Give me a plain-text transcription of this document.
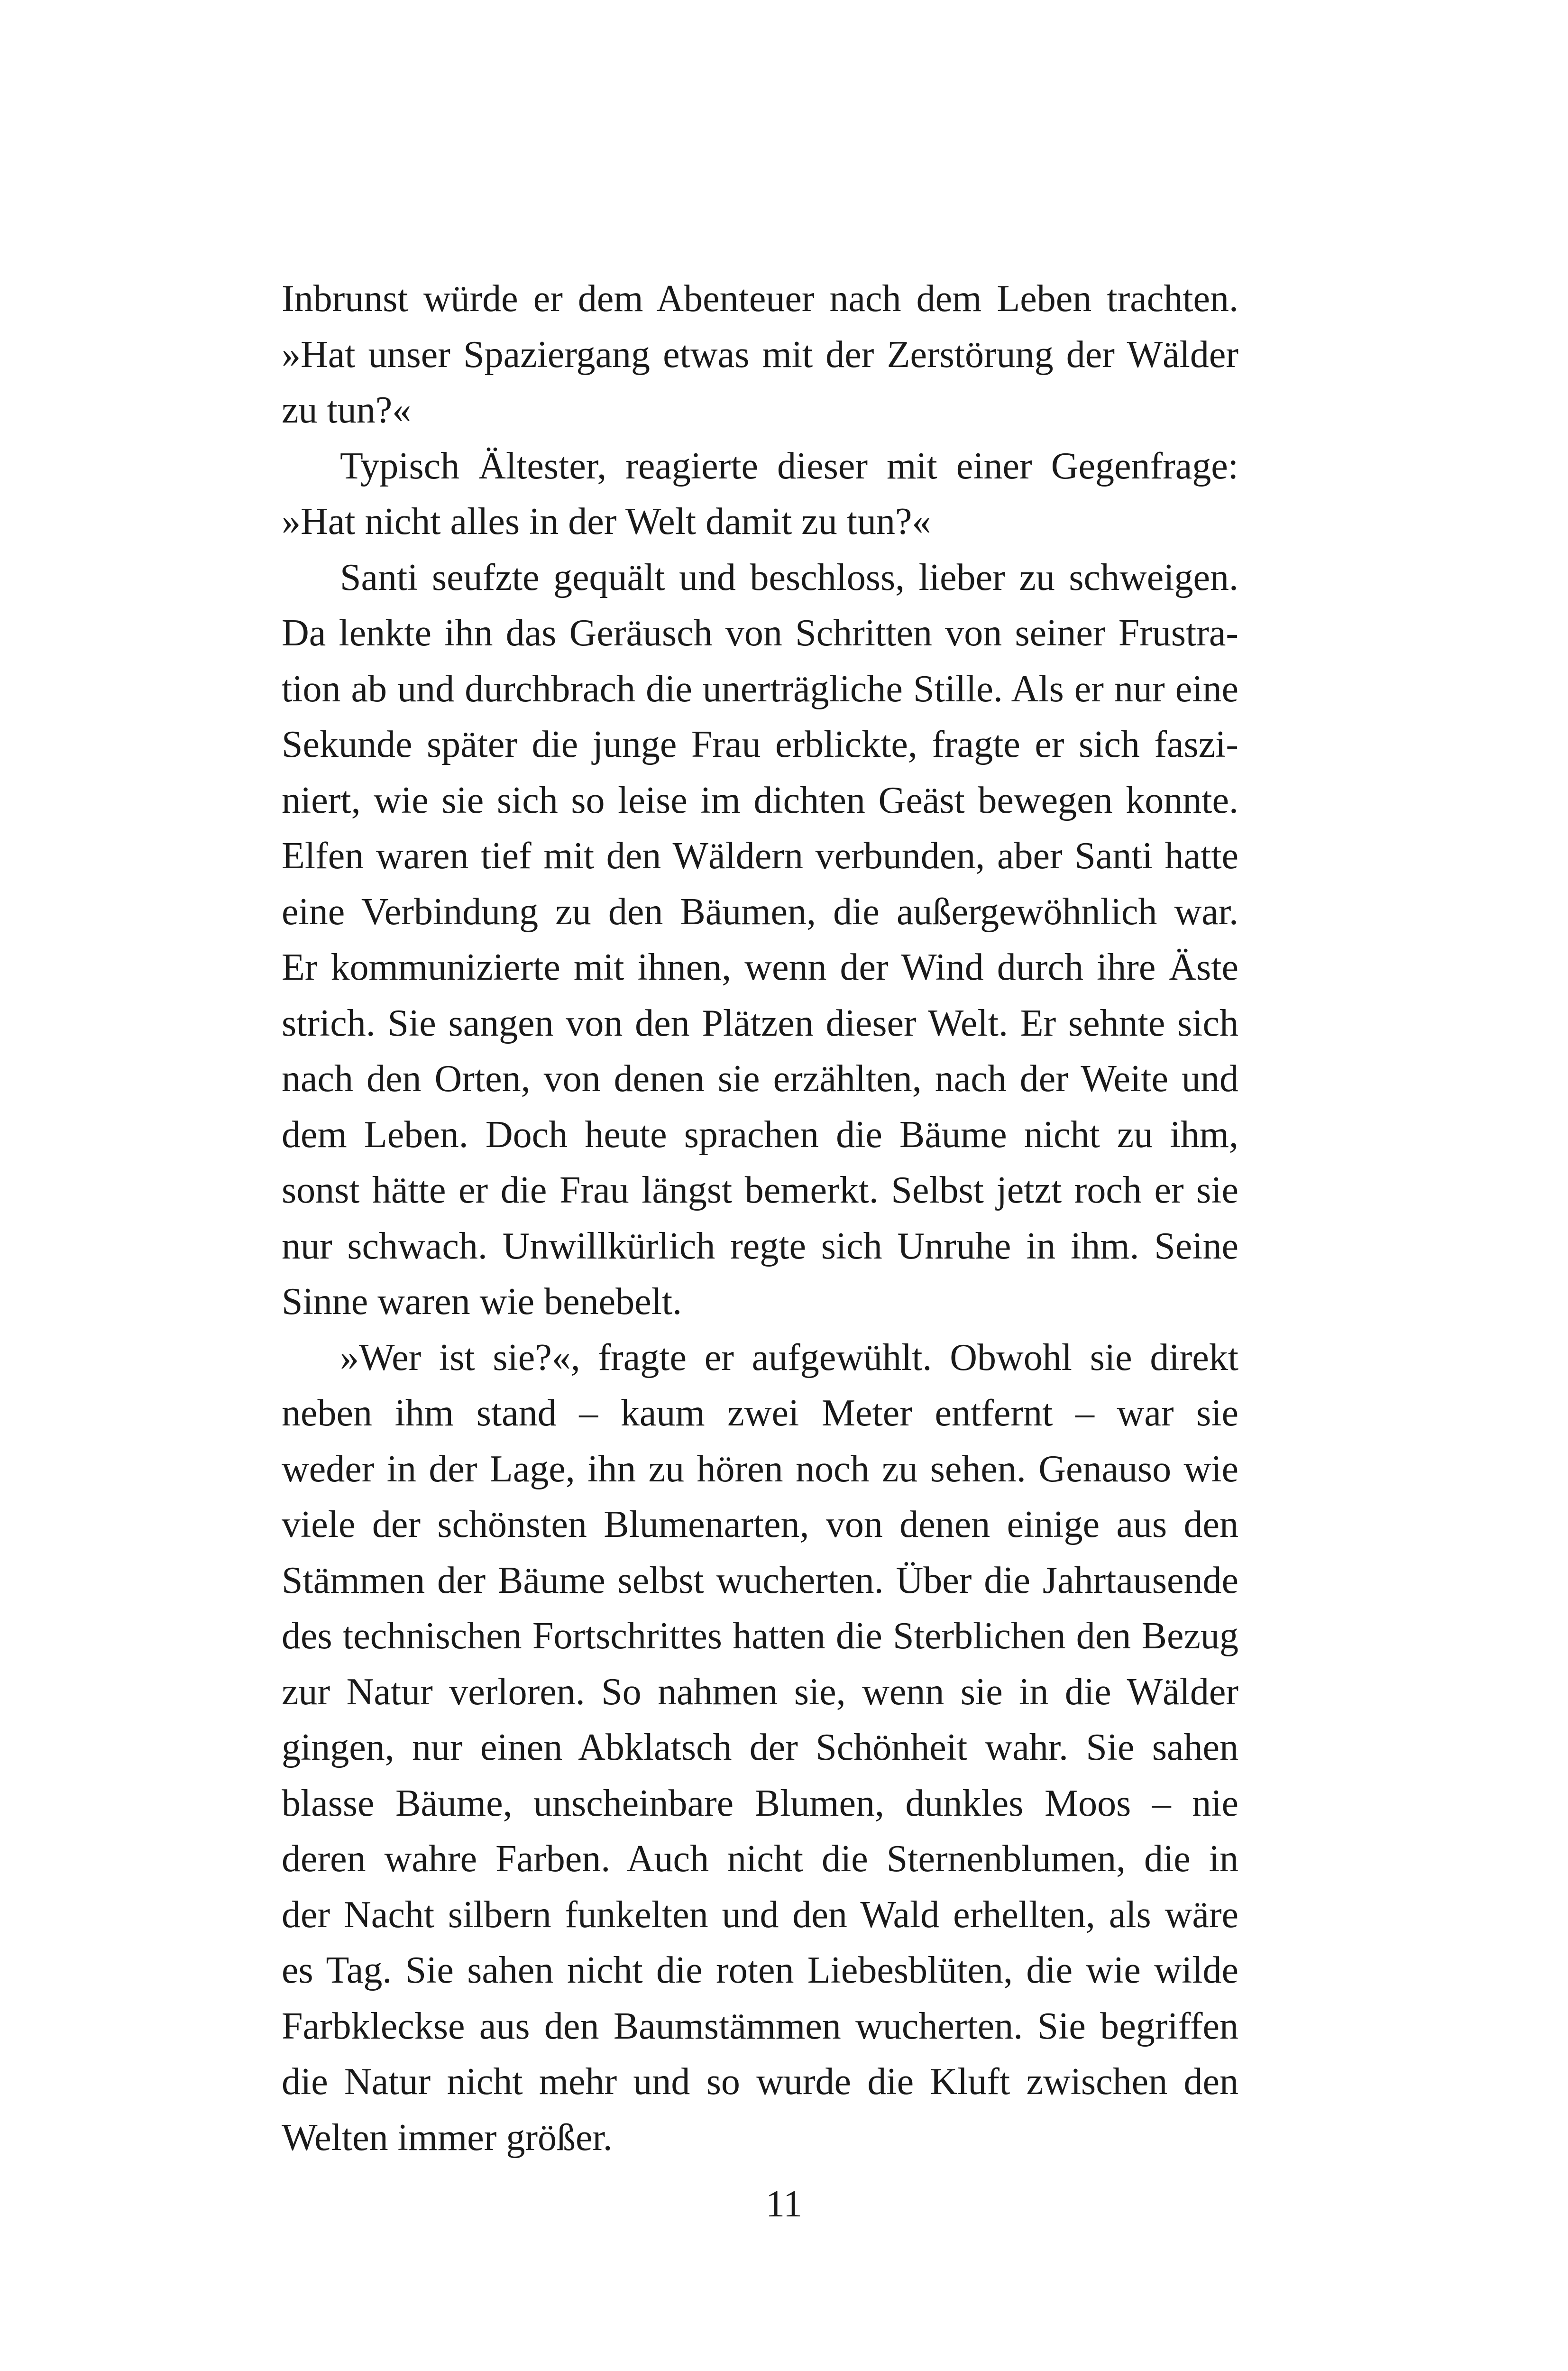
Inbrunst würde er dem Abenteuer nach dem Leben trachten.
»Hat unser Spaziergang etwas mit der Zerstörung der Wälder
zu tun?«
Typisch Ältester, reagierte dieser mit einer Gegenfrage:
»Hat nicht alles in der Welt damit zu tun?«
Santi seufzte gequält und beschloss, lieber zu schweigen.
Da lenkte ihn das Geräusch von Schritten von seiner Frustra-
tion ab und durchbrach die unerträgliche Stille. Als er nur eine
Sekunde später die junge Frau erblickte, fragte er sich faszi-
niert, wie sie sich so leise im dichten Geäst bewegen konnte.
Elfen waren tief mit den Wäldern verbunden, aber Santi hatte
eine Verbindung zu den Bäumen, die außergewöhnlich war.
Er kommunizierte mit ihnen, wenn der Wind durch ihre Äste
strich. Sie sangen von den Plätzen dieser Welt. Er sehnte sich
nach den Orten, von denen sie erzählten, nach der Weite und
dem Leben. Doch heute sprachen die Bäume nicht zu ihm,
sonst hätte er die Frau längst bemerkt. Selbst jetzt roch er sie
nur schwach. Unwillkürlich regte sich Unruhe in ihm. Seine
Sinne waren wie benebelt.
»Wer ist sie?«, fragte er aufgewühlt. Obwohl sie direkt
neben ihm stand – kaum zwei Meter entfernt – war sie
weder in der Lage, ihn zu hören noch zu sehen. Genauso wie
viele der schönsten Blumenarten, von denen einige aus den
Stämmen der Bäume selbst wucherten. Über die Jahrtausende
des technischen Fortschrittes hatten die Sterblichen den Bezug
zur Natur verloren. So nahmen sie, wenn sie in die Wälder
gingen, nur einen Abklatsch der Schönheit wahr. Sie sahen
blasse Bäume, unscheinbare Blumen, dunkles Moos – nie
deren wahre Farben. Auch nicht die Sternenblumen, die in
der Nacht silbern funkelten und den Wald erhellten, als wäre
es Tag. Sie sahen nicht die roten Liebesblüten, die wie wilde
Farbkleckse aus den Baumstämmen wucherten. Sie begriffen
die Natur nicht mehr und so wurde die Kluft zwischen den
Welten immer größer.
11
